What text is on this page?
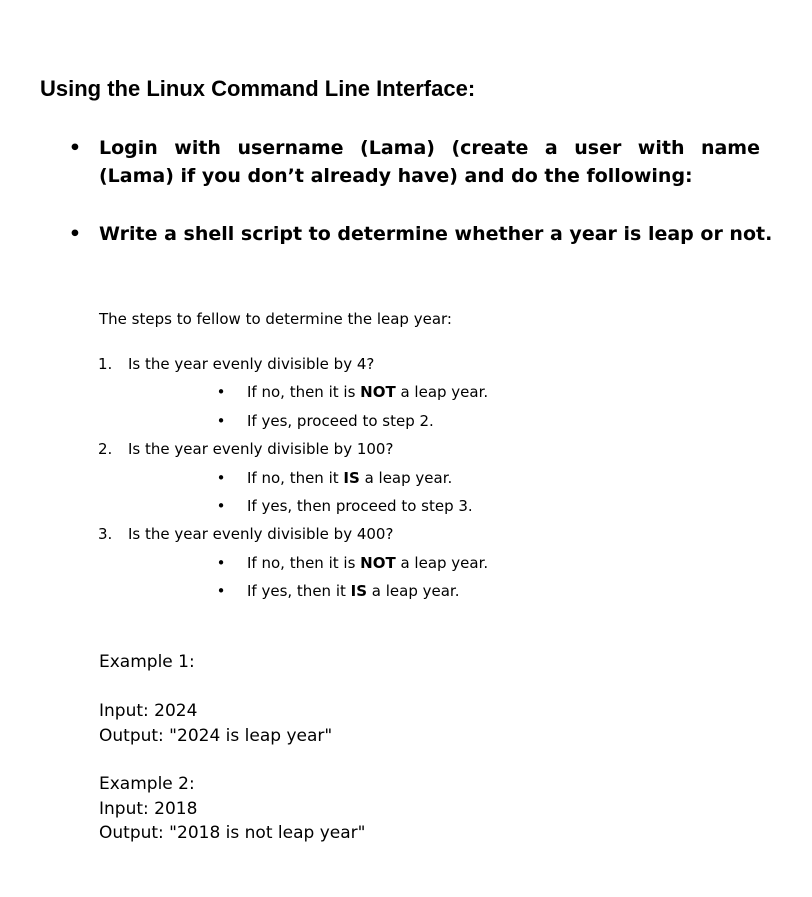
Using the Linux Command Line Interface:
• Login with username (Lama) (create a user with name (Lama) if you don’t already have) and do the following:
• Write a shell script to determine whether a year is leap or not.
The steps to fellow to determine the leap year:
1. Is the year evenly divisible by 4?
• If no, then it is NOT a leap year.
• If yes, proceed to step 2.
2. Is the year evenly divisible by 100?
• If no, then it IS a leap year.
• If yes, then proceed to step 3.
3. Is the year evenly divisible by 400?
• If no, then it is NOT a leap year.
• If yes, then it IS a leap year.
Example 1:
Input: 2024
Output: "2024 is leap year"
Example 2:
Input: 2018
Output: "2018 is not leap year"
